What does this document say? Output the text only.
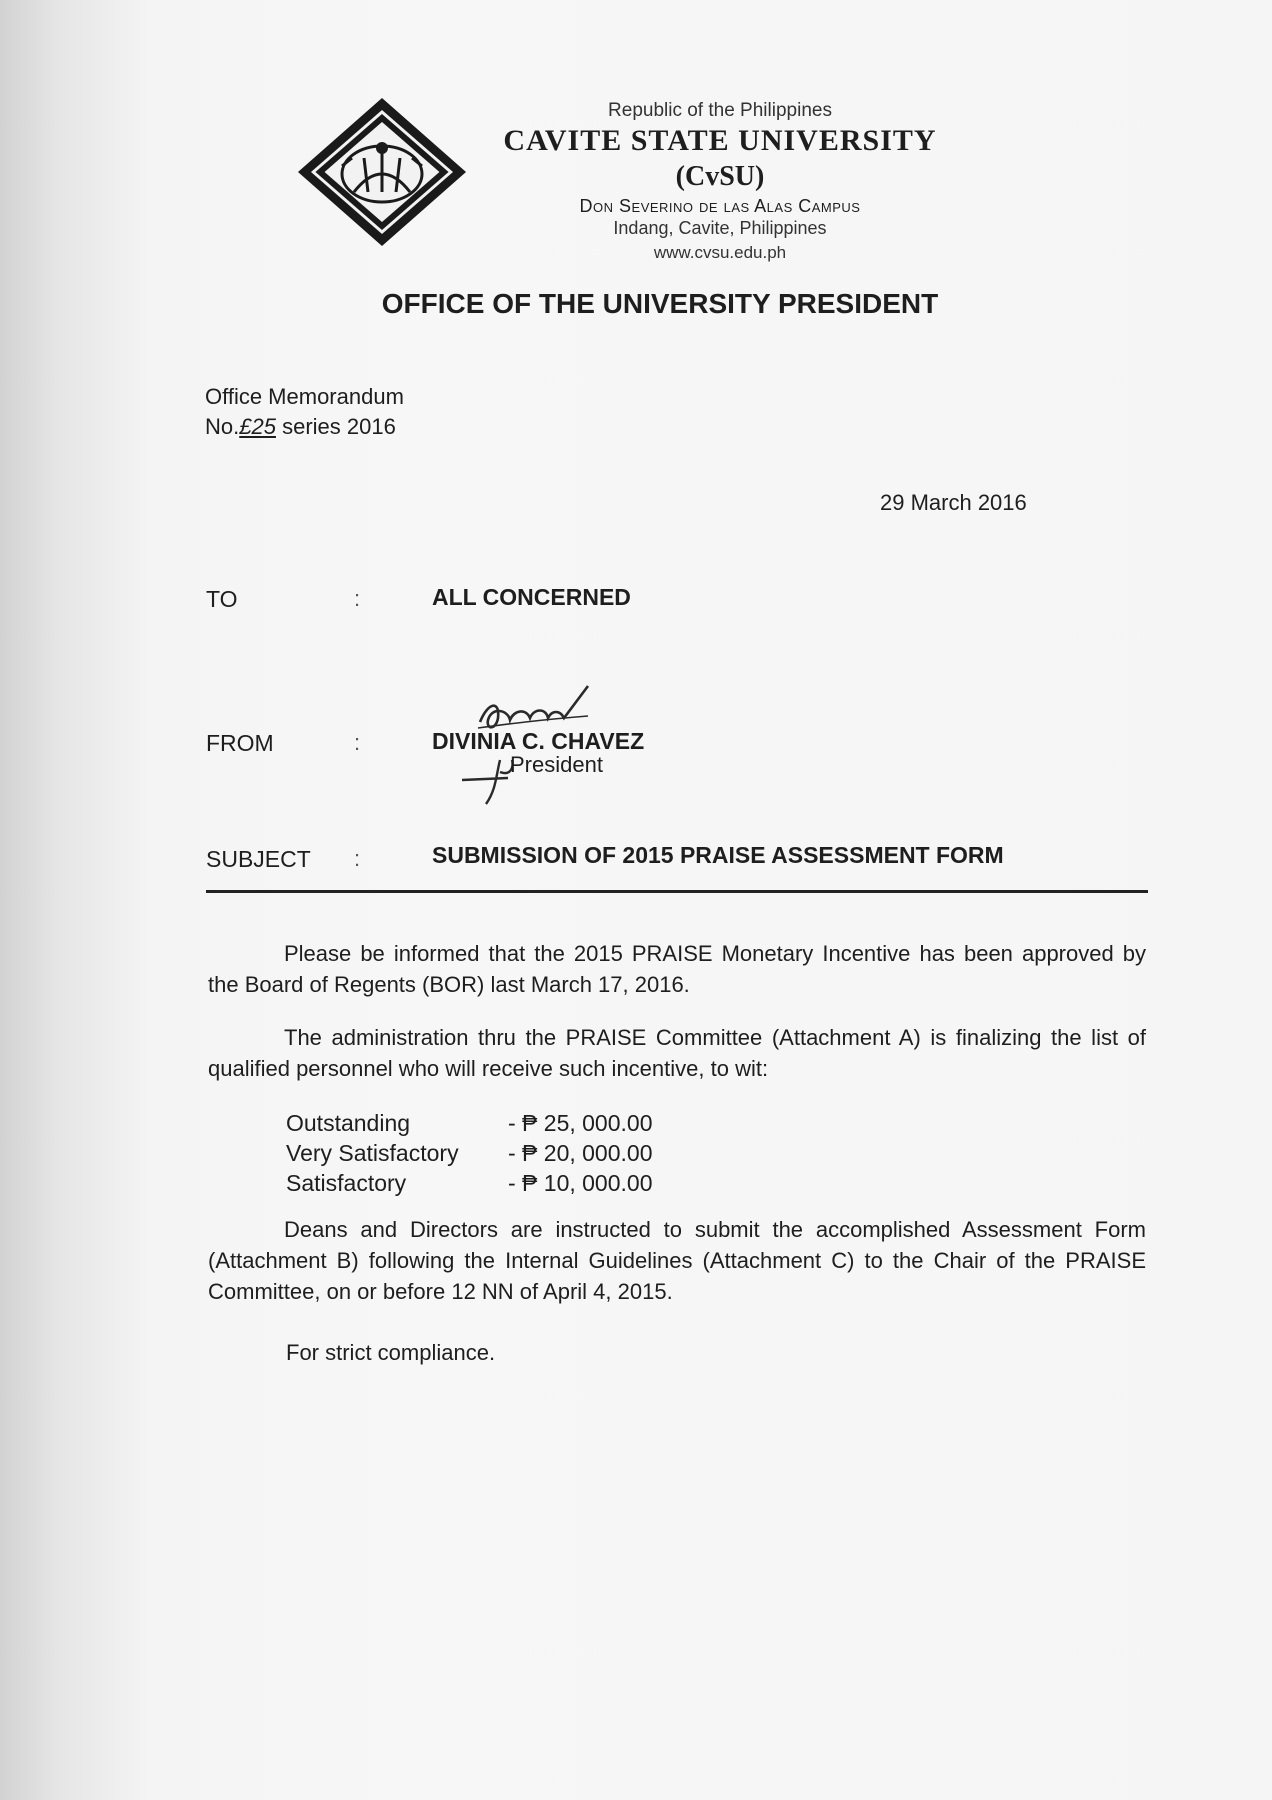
Republic of the Philippines
CAVITE STATE UNIVERSITY
(CvSU)
Don Severino de las Alas Campus
Indang, Cavite, Philippines
www.cvsu.edu.ph
OFFICE OF THE UNIVERSITY PRESIDENT
Office Memorandum
No.£25 series 2016
29 March 2016
TO	:	ALL CONCERNED
FROM	:	DIVINIA C. CHAVEZ
President
SUBJECT :	SUBMISSION OF 2015 PRAISE ASSESSMENT FORM
Please be informed that the 2015 PRAISE Monetary Incentive has been approved by the Board of Regents (BOR) last March 17, 2016.
The administration thru the PRAISE Committee (Attachment A) is finalizing the list of qualified personnel who will receive such incentive, to wit:
Outstanding	- ₱ 25, 000.00
Very Satisfactory	- ₱ 20, 000.00
Satisfactory	- ₱ 10, 000.00
Deans and Directors are instructed to submit the accomplished Assessment Form (Attachment B) following the Internal Guidelines (Attachment C) to the Chair of the PRAISE Committee, on or before 12 NN of April 4, 2015.
For strict compliance.
